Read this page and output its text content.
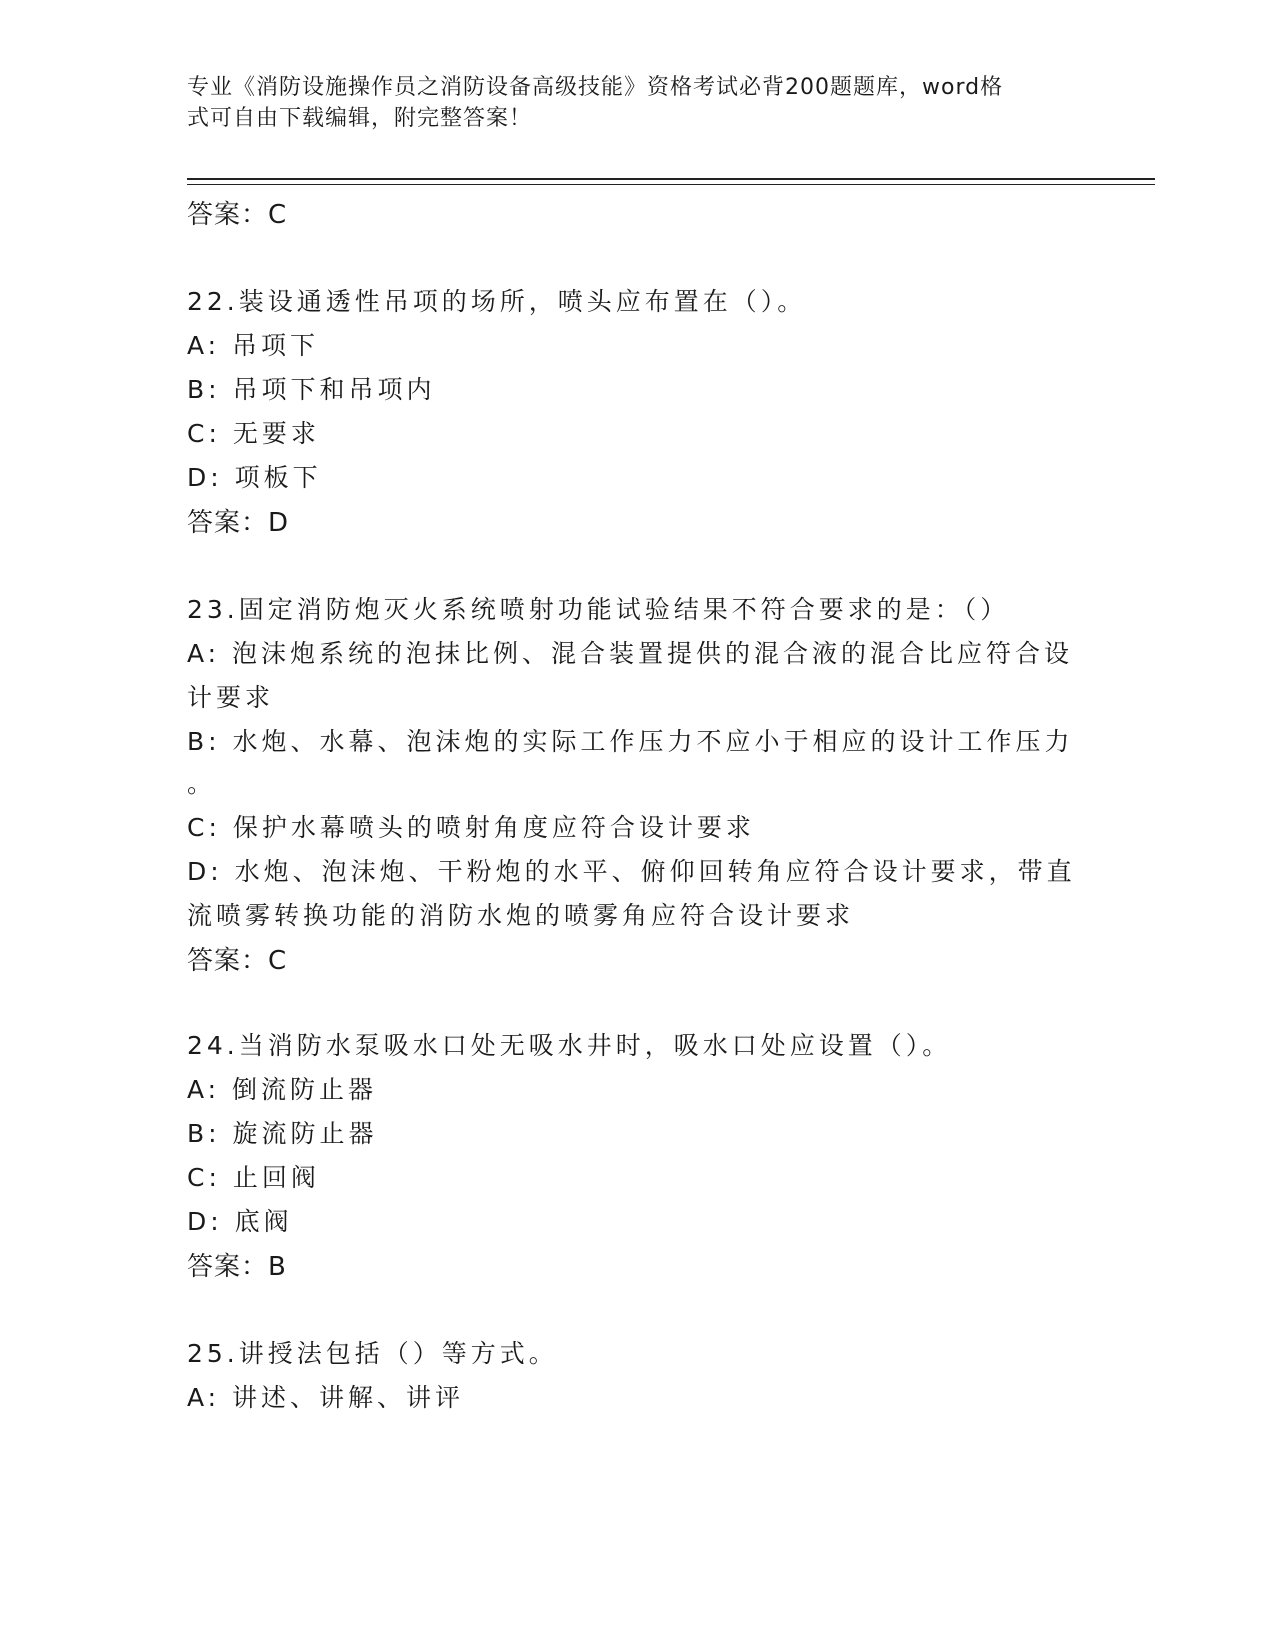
专业《消防设施操作员之消防设备高级技能》资格考试必背200题题库，word格
式可自由下载编辑，附完整答案！
答案：C
22.装设通透性吊项的场所，喷头应布置在（）。
A: 吊项下
B: 吊项下和吊项内
C: 无要求
D: 项板下
答案：D
23.固定消防炮灭火系统喷射功能试验结果不符合要求的是：（）
A: 泡沫炮系统的泡抹比例、混合装置提供的混合液的混合比应符合设
计要求
B: 水炮、水幕、泡沫炮的实际工作压力不应小于相应的设计工作压力
。
C: 保护水幕喷头的喷射角度应符合设计要求
D: 水炮、泡沫炮、干粉炮的水平、俯仰回转角应符合设计要求，带直
流喷雾转换功能的消防水炮的喷雾角应符合设计要求
答案：C
24.当消防水泵吸水口处无吸水井时，吸水口处应设置（）。
A: 倒流防止器
B: 旋流防止器
C: 止回阀
D: 底阀
答案：B
25.讲授法包括（）等方式。
A: 讲述、讲解、讲评
